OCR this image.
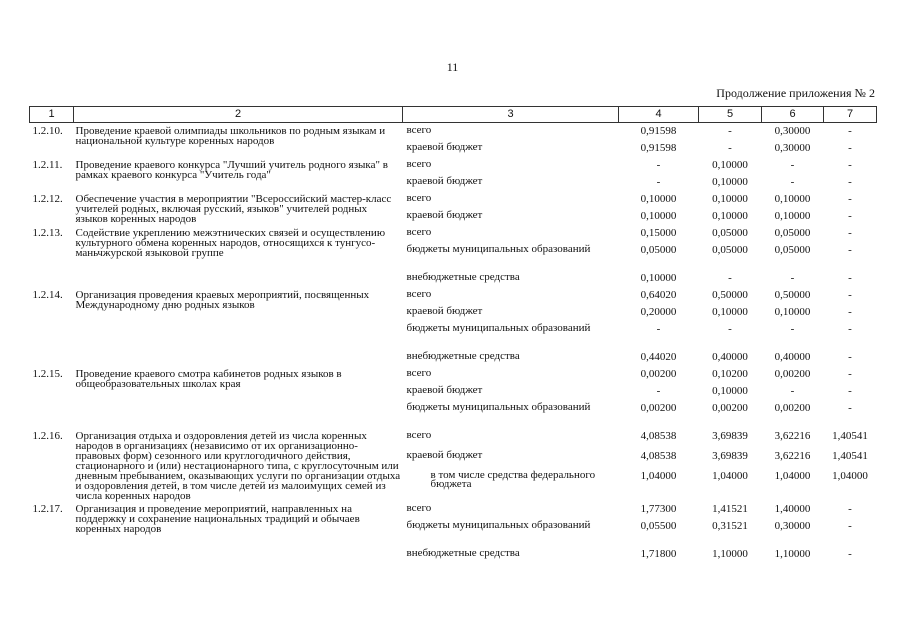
11
Продолжение приложения № 2
1	2	3	4	5	6	7
1.2.10.	Проведение краевой олимпиады школьников по родным языкам и национальной культуре коренных народов	всего	0,91598	-	0,30000	-
		краевой бюджет	0,91598	-	0,30000	-
1.2.11.	Проведение краевого конкурса "Лучший учитель родного языка" в рамках краевого конкурса "Учитель года"	всего	-	0,10000	-	-
		краевой бюджет	-	0,10000	-	-
1.2.12.	Обеспечение участия в мероприятии "Всероссийский мастер-класс учителей родных, включая русский, языков" учителей родных языков коренных народов	всего	0,10000	0,10000	0,10000	-
		краевой бюджет	0,10000	0,10000	0,10000	-
1.2.13.	Содействие укреплению межэтнических связей и осуществлению культурного обмена коренных народов, относящихся к тунгусо-маньчжурской языковой группе	всего	0,15000	0,05000	0,05000	-
		бюджеты муниципальных образований	0,05000	0,05000	0,05000	-
		внебюджетные средства	0,10000	-	-	-
1.2.14.	Организация проведения краевых мероприятий, посвященных Международному дню родных языков	всего	0,64020	0,50000	0,50000	-
		краевой бюджет	0,20000	0,10000	0,10000	-
		бюджеты муниципальных образований	-	-	-	-
		внебюджетные средства	0,44020	0,40000	0,40000	-
1.2.15.	Проведение краевого смотра кабинетов родных языков в общеобразовательных школах края	всего	0,00200	0,10200	0,00200	-
		краевой бюджет	-	0,10000	-	-
		бюджеты муниципальных образований	0,00200	0,00200	0,00200	-
1.2.16.	Организация отдыха и оздоровления детей из числа коренных народов в организациях (независимо от их организационно-правовых форм) сезонного или круглогодичного действия, стационарного и (или) нестационарного типа, с круглосуточным или дневным пребыванием, оказывающих услуги по организации отдыха и оздоровления детей, в том числе детей из малоимущих семей из числа коренных народов	всего	4,08538	3,69839	3,62216	1,40541
		краевой бюджет	4,08538	3,69839	3,62216	1,40541
		в том числе средства федерального бюджета	1,04000	1,04000	1,04000	1,04000
1.2.17.	Организация и проведение мероприятий, направленных на поддержку и сохранение национальных традиций и обычаев коренных народов	всего	1,77300	1,41521	1,40000	-
		бюджеты муниципальных образований	0,05500	0,31521	0,30000	-
		внебюджетные средства	1,71800	1,10000	1,10000	-
